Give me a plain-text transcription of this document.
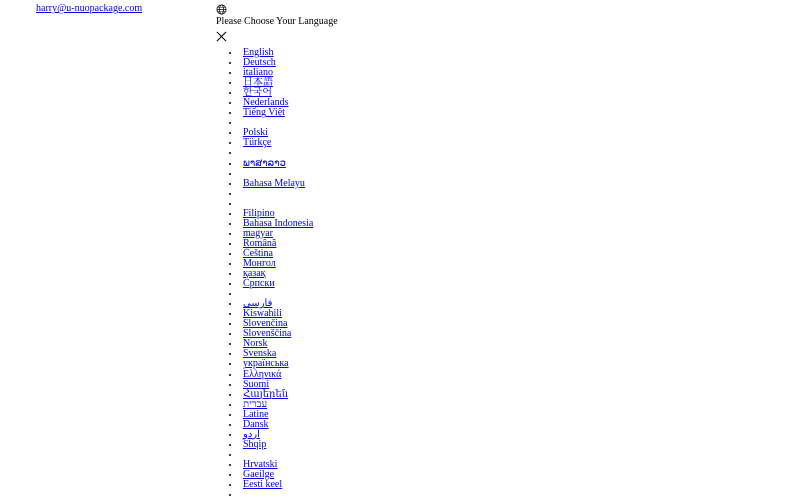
harry@u-nuopackage.com
Please Choose Your Language
• English
• Deutsch
• italiano
• 日本語
• 한국어
• Nederlands
• Tiếng Việt
•
• Polski
• Türkçe
•
• ພາສາລາວ
•
• Bahasa Melayu
•
•
• Filipino
• Bahasa Indonesia
• magyar
• Română
• Čeština
• Монгол
• қазақ
• Српски
•
• فارسی
• Kiswahili
• Slovenčina
• Slovenščina
• Norsk
• Svenska
• українська
• Ελληνικά
• Suomi
• Հայերեն
• עברית
• Latine
• Dansk
• اردو
• Shqip
•
• Hrvatski
• Gaeilge
• Eesti keel
•
